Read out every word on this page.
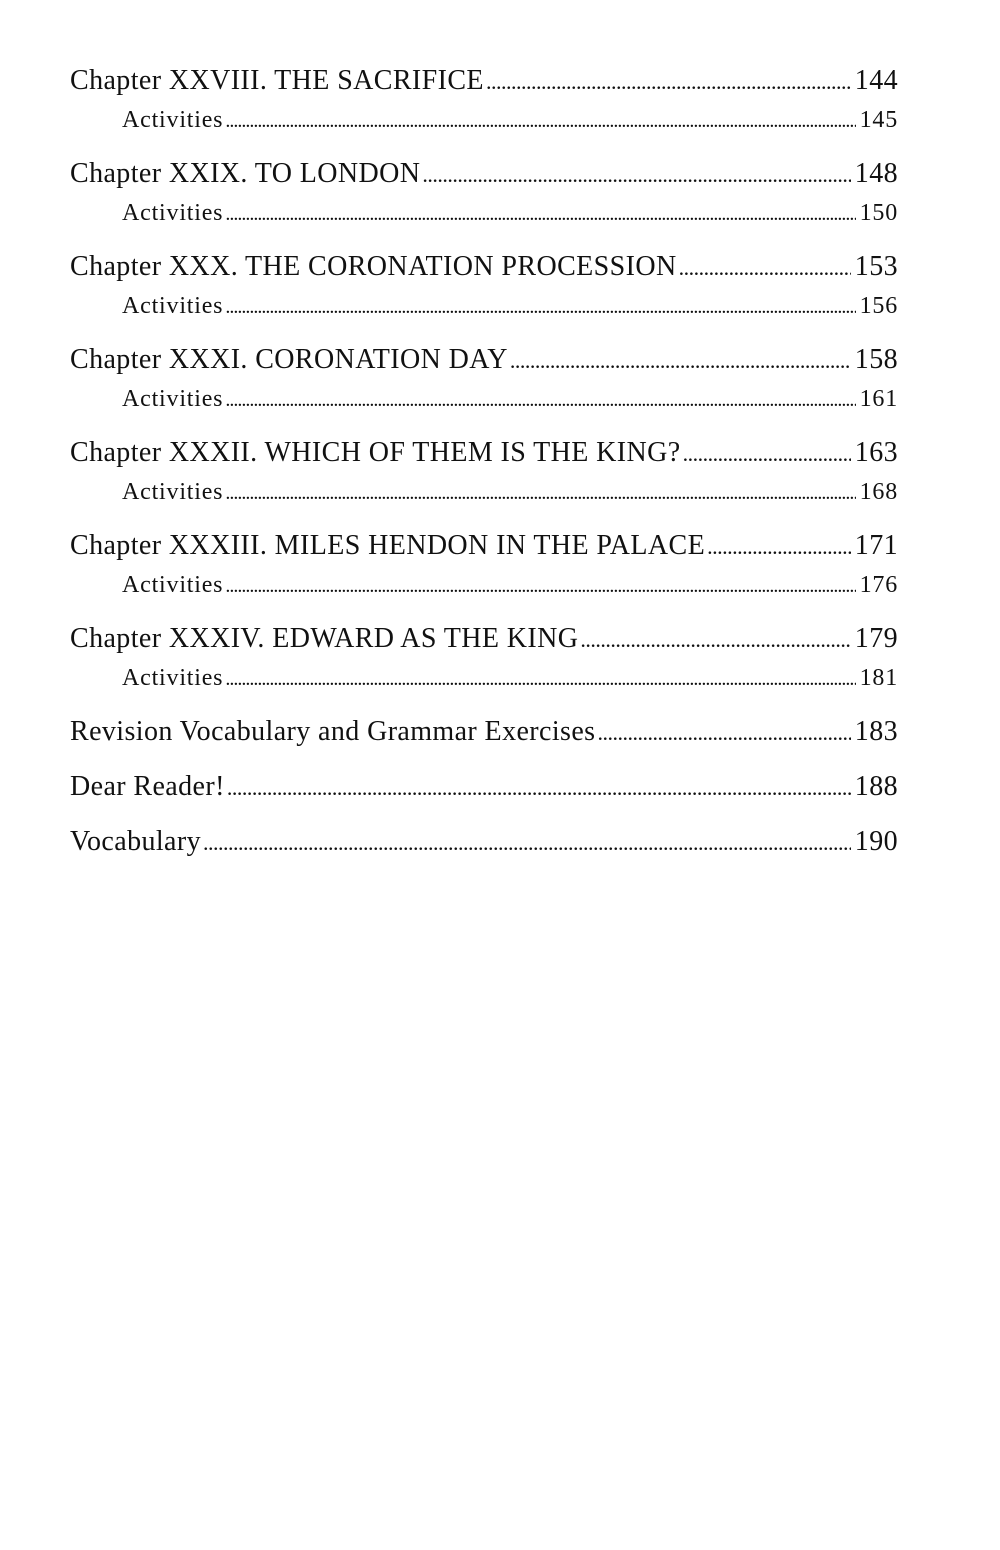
Chapter XXVIII. THE SACRIFICE . . .	144
Activities . . .	145
Chapter XXIX. TO LONDON . . .	148
Activities . . .	150
Chapter XXX. THE CORONATION PROCESSION . . .	153
Activities . . .	156
Chapter XXXI. CORONATION DAY . . .	158
Activities . . .	161
Chapter XXXII. WHICH OF THEM IS THE KING? . . .	163
Activities . . .	168
Chapter XXXIII. MILES HENDON IN THE PALACE . . .	171
Activities . . .	176
Chapter XXXIV. EDWARD AS THE KING . . .	179
Activities . . .	181
Revision Vocabulary and Grammar Exercises . . .	183
Dear Reader! . . .	188
Vocabulary . . .	190
